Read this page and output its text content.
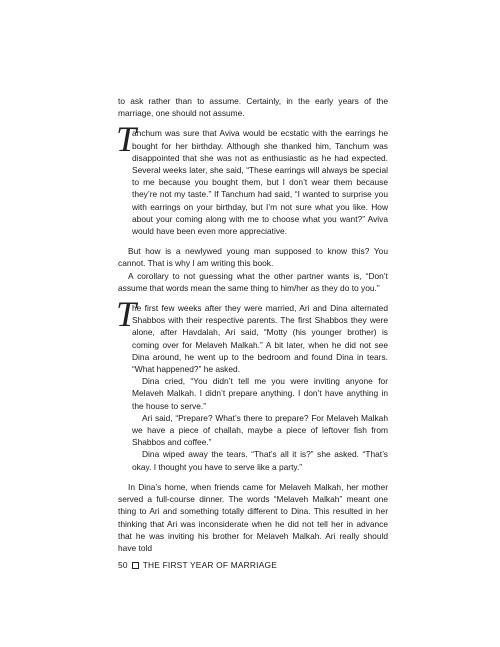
to ask rather than to assume. Certainly, in the early years of the marriage, one should not assume.

T

anchum was sure that Aviva would be ecstatic with the earrings he bought for her birthday. Although she thanked him, Tanchum was disappointed that she was not as enthusiastic as he had expected. Several weeks later, she said, “These earrings will always be special to me because you bought them, but I don’t wear them because they’re not my taste.” If Tanchum had said, “I wanted to surprise you with earrings on your birthday, but I’m not sure what you like. How about your coming along with me to choose what you want?” Aviva would have been even more appreciative.

But how is a newlywed young man supposed to know this? You cannot. That is why I am writing this book.

A corollary to not guessing what the other partner wants is, “Don’t assume that words mean the same thing to him/her as they do to you.”

T

he first few weeks after they were married, Ari and Dina alternated Shabbos with their respective parents. The first Shabbos they were alone, after Havdalah, Ari said, “Motty (his younger brother) is coming over for Melaveh Malkah.” A bit later, when he did not see Dina around, he went up to the bedroom and found Dina in tears. “What happened?” he asked.

Dina cried, “You didn’t tell me you were inviting anyone for Melaveh Malkah. I didn’t prepare anything. I don’t have anything in the house to serve.”

Ari said, “Prepare? What’s there to prepare? For Melaveh Malkah we have a piece of challah, maybe a piece of leftover fish from Shabbos and coffee.”

Dina wiped away the tears. “That’s all it is?” she asked. “That’s okay. I thought you have to serve like a party.”

In Dina’s home, when friends came for Melaveh Malkah, her mother served a full-course dinner. The words “Melaveh Malkah” meant one thing to Ari and something totally different to Dina. This resulted in her thinking that Ari was inconsiderate when he did not tell her in advance that he was inviting his brother for Melaveh Malkah. Ari really should have told

50 THE FIRST YEAR OF MARRIAGE
